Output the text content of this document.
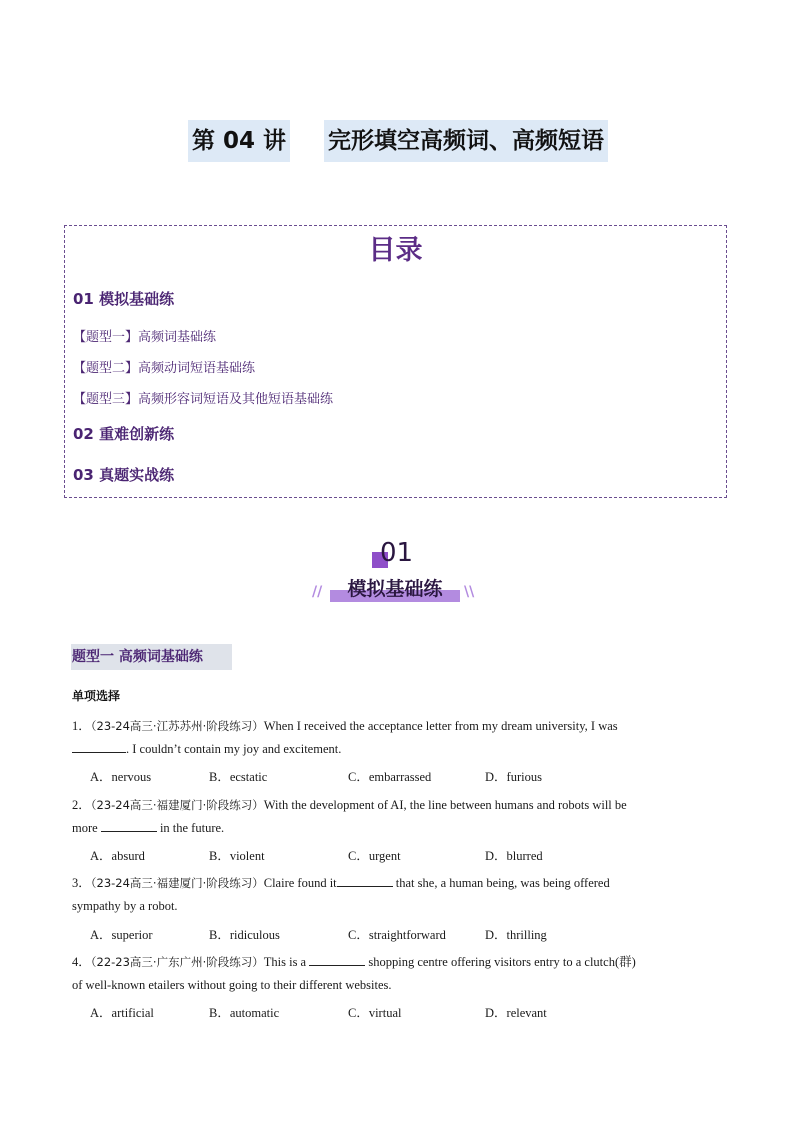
第 04 讲 完形填空高频词、高频短语
目录
01 模拟基础练
【题型一】高频词基础练
【题型二】高频动词短语基础练
【题型三】高频形容词短语及其他短语基础练
02 重难创新练
03 真题实战练
01
//	模拟基础练	\\
题型一 高频词基础练
单项选择
1．（23-24高三·江苏苏州·阶段练习）When I received the acceptance letter from my dream university, I was
. I couldn’t contain my joy and excitement.
A．nervous	B．ecstatic	C．embarrassed	D．furious
2．（23-24高三·福建厦门·阶段练习）With the development of AI, the line between humans and robots will be
more	in the future.
A．absurd	B．violent	C．urgent	D．blurred
3．（23-24高三·福建厦门·阶段练习）Claire found it	that she, a human being, was being offered
sympathy by a robot.
A．superior	B．ridiculous	C．straightforward	D．thrilling
4．（22-23高三·广东广州·阶段练习）This is a	shopping centre offering visitors entry to a clutch(群)
of well-known etailers without going to their different websites.
A．artificial	B．automatic	C．virtual	D．relevant
